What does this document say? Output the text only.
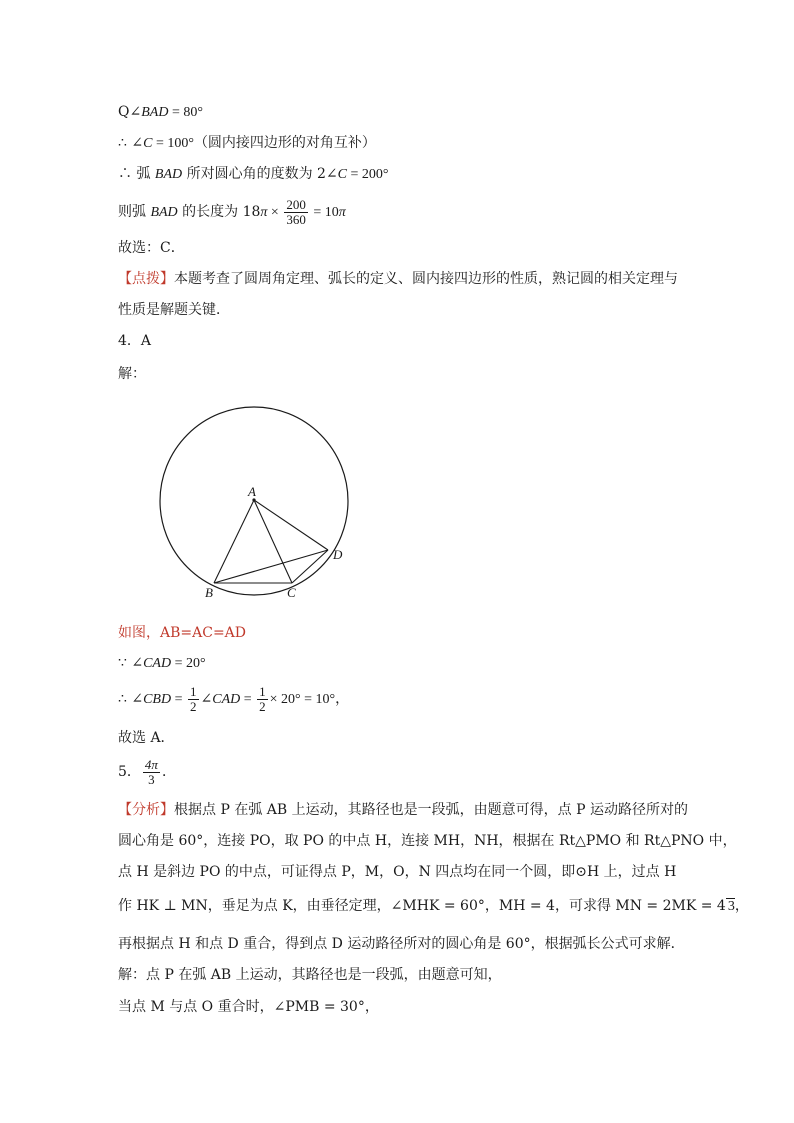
Q∠BAD = 80°
∴ ∠C = 100°（圆内接四边形的对角互补）
∴ 弧 BAD 所对圆心角的度数为 2∠C = 200°
则弧 BAD 的长度为 $18\pi \times \frac{200}{360} = 10\pi$
故选：C．
【点拨】本题考查了圆周角定理、弧长的定义、圆内接四边形的性质，熟记圆的相关定理与
性质是解题关键．
4．A
解：
A
B	C
D
如图，AB=AC=AD
∵ ∠CAD = 20°
∴ ∠CBD = $\frac{1}{2}$ ∠CAD = $\frac{1}{2} \times 20^\circ = 10^\circ$，
故选 A．
5． $\frac{4\pi}{3}$ ．
【分析】根据点 P 在弧 AB 上运动，其路径也是一段弧，由题意可得，点 P 运动路径所对的
圆心角是 60°，连接 PO，取 PO 的中点 H，连接 MH，NH，根据在 Rt△PMO 和 Rt△PNO 中，
点 H 是斜边 PO 的中点，可证得点 P，M，O，N 四点均在同一个圆，即⊙H 上，过点 H
作 HK ⊥ MN，垂足为点 K，由垂径定理，∠MHK = 60°，MH = 4，可求得 MN = 2MK = 4 3，
再根据点 H 和点 D 重合，得到点 D 运动路径所对的圆心角是 60°，根据弧长公式可求解．
解：点 P 在弧 AB 上运动，其路径也是一段弧，由题意可知，
当点 M 与点 O 重合时，∠PMB = 30°，
